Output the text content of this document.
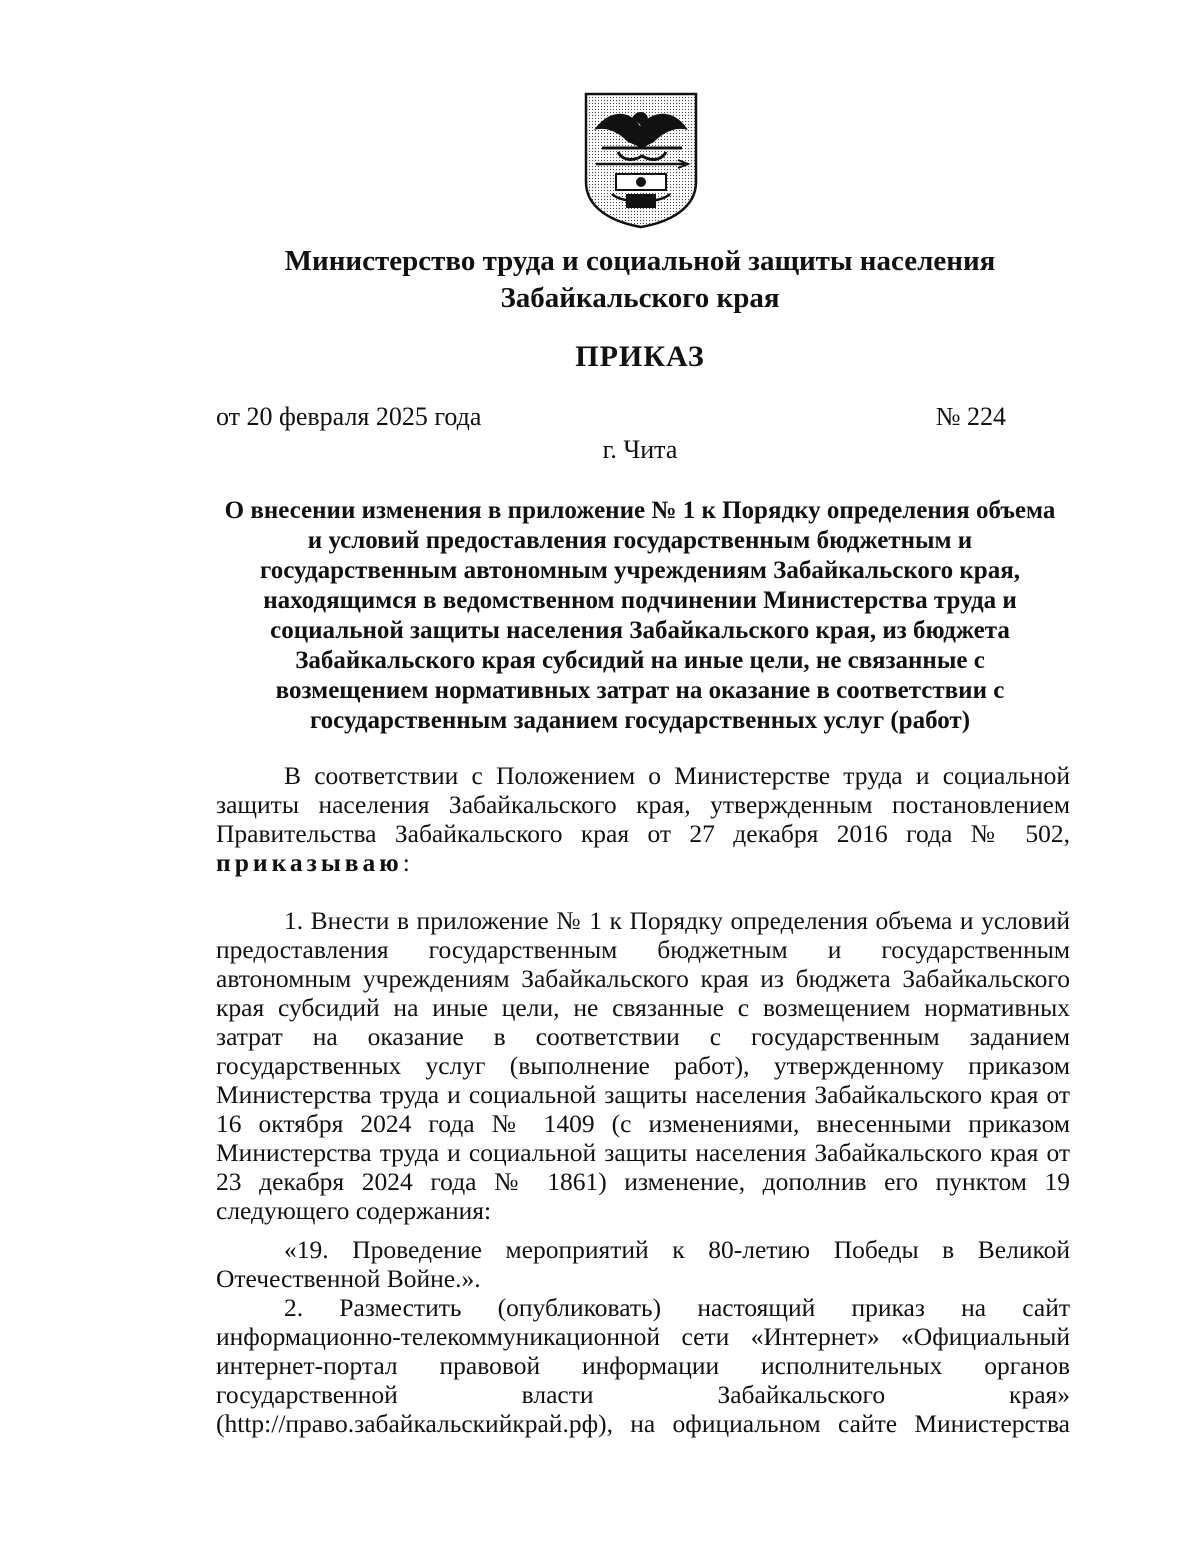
Министерство труда и социальной защиты населения
Забайкальского края
ПРИКАЗ
от 20 февраля 2025 года	№ 224
г. Чита
О внесении изменения в приложение № 1 к Порядку определения объема
и условий предоставления государственным бюджетным и
государственным автономным учреждениям Забайкальского края,
находящимся в ведомственном подчинении Министерства труда и
социальной защиты населения Забайкальского края, из бюджета
Забайкальского края субсидий на иные цели, не связанные с
возмещением нормативных затрат на оказание в соответствии с
государственным заданием государственных услуг (работ)
В соответствии с Положением о Министерстве труда и социальной
защиты населения Забайкальского края, утвержденным постановлением
Правительства Забайкальского края от 27 декабря 2016 года № 502,
приказываю:
1. Внести в приложение № 1 к Порядку определения объема и условий
предоставления государственным бюджетным и государственным
автономным учреждениям Забайкальского края из бюджета Забайкальского
края субсидий на иные цели, не связанные с возмещением нормативных
затрат на оказание в соответствии с государственным заданием
государственных услуг (выполнение работ), утвержденному приказом
Министерства труда и социальной защиты населения Забайкальского края от
16 октября 2024 года № 1409 (с изменениями, внесенными приказом
Министерства труда и социальной защиты населения Забайкальского края от
23 декабря 2024 года № 1861) изменение, дополнив его пунктом 19
следующего содержания:
«19. Проведение мероприятий к 80-летию Победы в Великой
Отечественной Войне.».
2. Разместить (опубликовать) настоящий приказ на сайт
информационно-телекоммуникационной сети «Интернет» «Официальный
интернет-портал правовой информации исполнительных органов
государственной власти Забайкальского края»
(http://право.забайкальскийкрай.рф), на официальном сайте Министерства
